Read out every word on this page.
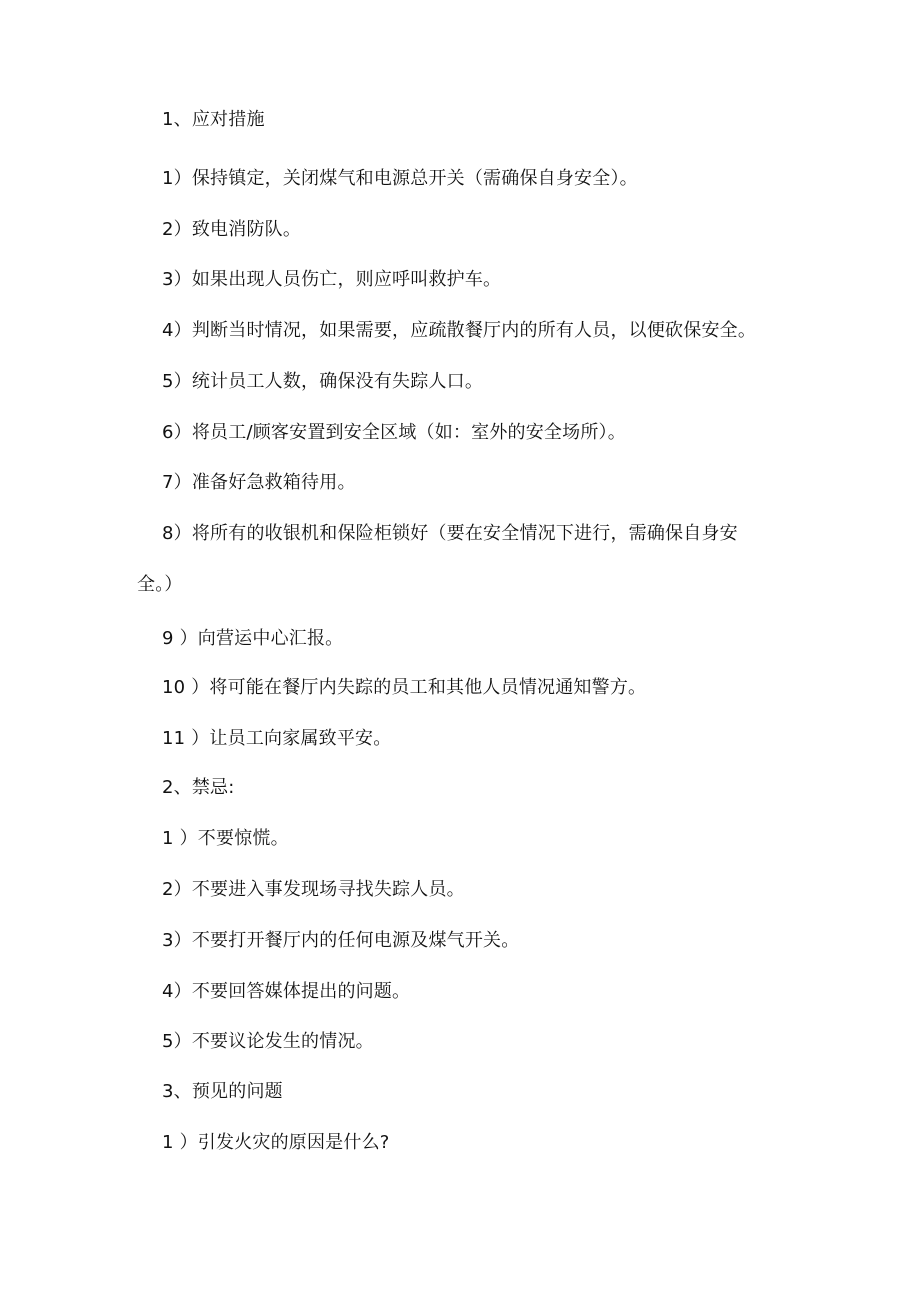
1、应对措施
1）保持镇定，关闭煤气和电源总开关（需确保自身安全）。
2）致电消防队。
3）如果出现人员伤亡，则应呼叫救护车。
4）判断当时情况，如果需要，应疏散餐厅内的所有人员，以便砍保安全。
5）统计员工人数，确保没有失踪人口。
6）将员工/顾客安置到安全区域（如：室外的安全场所）。
7）准备好急救箱待用。
8）将所有的收银机和保险柜锁好（要在安全情况下进行，需确保自身安
全。）
9 ）向营运中心汇报。
10 ）将可能在餐厅内失踪的员工和其他人员情况通知警方。
11 ）让员工向家属致平安。
2、禁忌:
1 ）不要惊慌。
2）不要进入事发现场寻找失踪人员。
3）不要打开餐厅内的任何电源及煤气开关。
4）不要回答媒体提出的问题。
5）不要议论发生的情况。
3、预见的问题
1 ）引发火灾的原因是什么?
